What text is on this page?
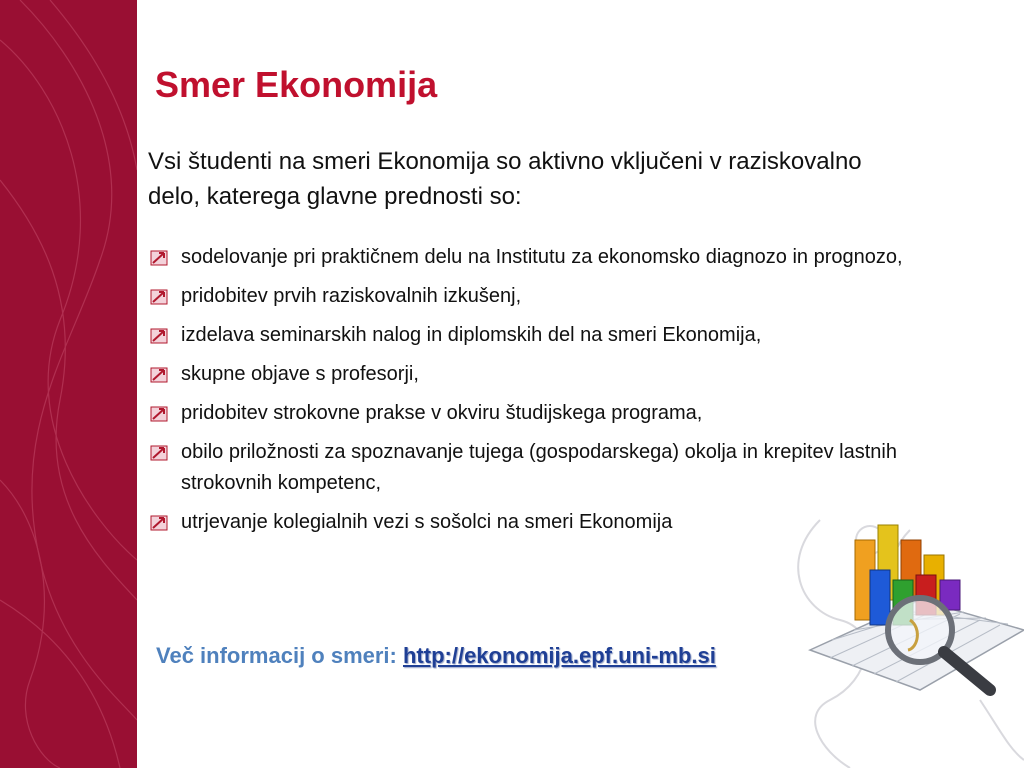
Smer Ekonomija

Vsi študenti na smeri Ekonomija so aktivno vključeni v raziskovalno delo, katerega glavne prednosti so:

sodelovanje pri praktičnem delu na Institutu za ekonomsko diagnozo in prognozo,
pridobitev prvih raziskovalnih izkušenj,
izdelava seminarskih nalog in diplomskih del na smeri Ekonomija,
skupne objave s profesorji,
pridobitev strokovne prakse v okviru študijskega programa,
obilo priložnosti za spoznavanje tujega (gospodarskega) okolja in krepitev lastnih strokovnih kompetenc,
utrjevanje kolegialnih vezi s sošolci na smeri Ekonomija
Več informacij o smeri: http://ekonomija.epf.uni-mb.si
